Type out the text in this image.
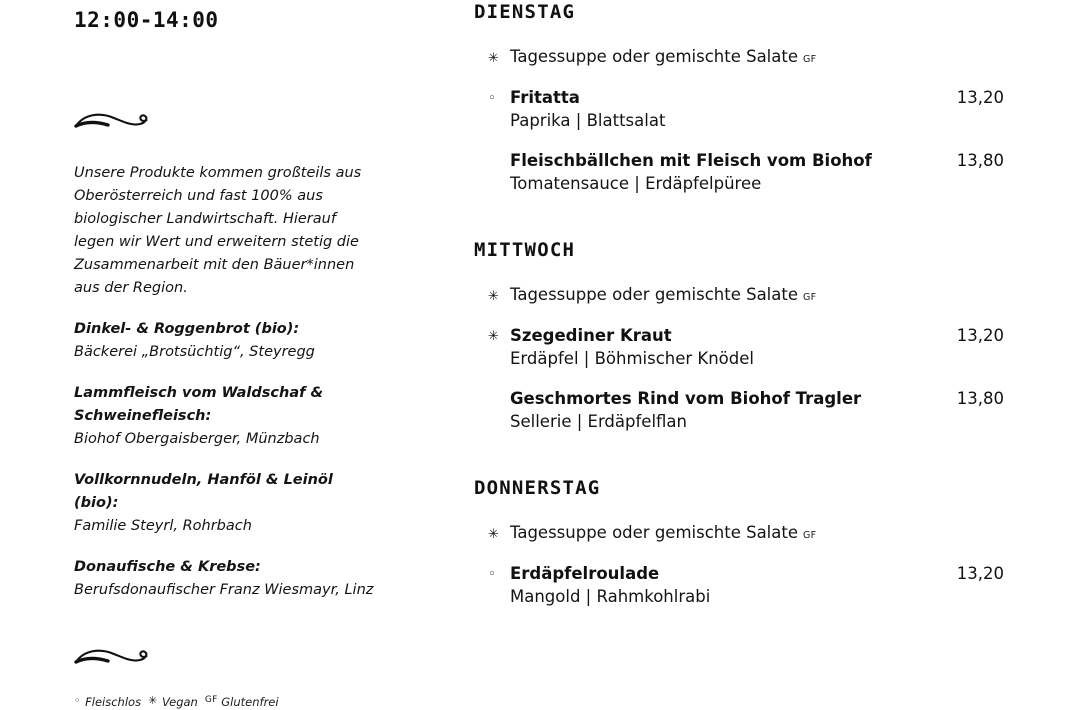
12:00-14:00

Unsere Produkte kommen großteils aus Oberösterreich und fast 100% aus biologischer Landwirtschaft. Hierauf legen wir Wert und erweitern stetig die Zusammenarbeit mit den Bäuer*innen aus der Region.

Dinkel- & Roggenbrot (bio):
Bäckerei „Brotsüchtig“, Steyregg

Lammfleisch vom Waldschaf & Schweinefleisch:
Biohof Obergaisberger, Münzbach

Vollkornnudeln, Hanföl & Leinöl (bio):
Familie Steyrl, Rohrbach

Donaufische & Krebse:
Berufsdonaufischer Franz Wiesmayr, Linz

◦ Fleischlos ✳ Vegan $^{GF}$ Glutenfrei
DIENSTAG
✳ Tagessuppe oder gemischte Salate GF
◦ Fritatta
Paprika | Blattsalat
13,20
Fleischbällchen mit Fleisch vom Biohof
Tomatensauce | Erdäpfelpüree
13,80
MITTWOCH
✳ Tagessuppe oder gemischte Salate GF
✳ Szegediner Kraut
Erdäpfel | Böhmischer Knödel
13,20
Geschmortes Rind vom Biohof Tragler
Sellerie | Erdäpfelflan
13,80
DONNERSTAG
✳ Tagessuppe oder gemischte Salate GF
◦ Erdäpfelroulade
Mangold | Rahmkohlrabi
13,20
